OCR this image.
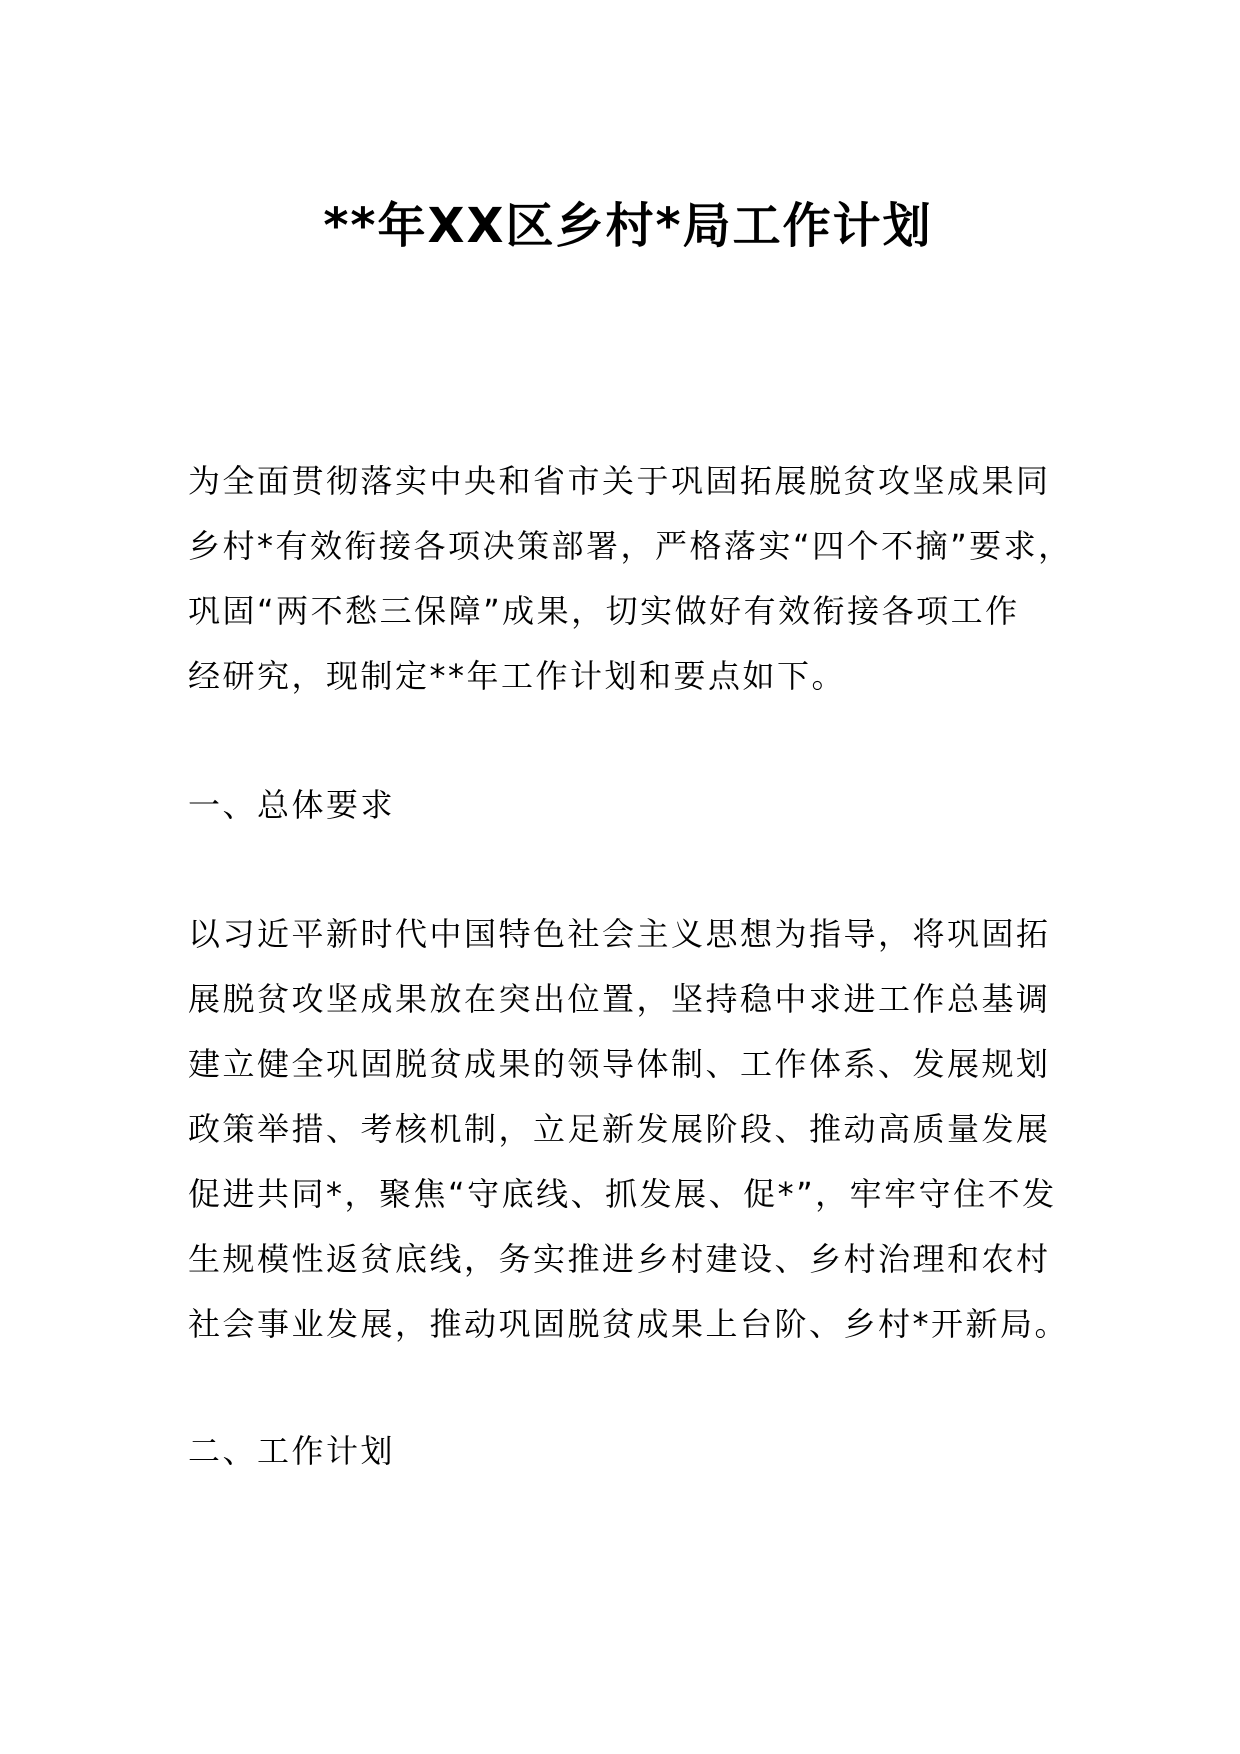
**年XX区乡村*局工作计划
为全面贯彻落实中央和省市关于巩固拓展脱贫攻坚成果同
乡村*有效衔接各项决策部署，严格落实“四个不摘”要求，
巩固“两不愁三保障”成果，切实做好有效衔接各项工作
经研究，现制定**年工作计划和要点如下。
一、总体要求
以习近平新时代中国特色社会主义思想为指导，将巩固拓
展脱贫攻坚成果放在突出位置，坚持稳中求进工作总基调
建立健全巩固脱贫成果的领导体制、工作体系、发展规划
政策举措、考核机制，立足新发展阶段、推动高质量发展
促进共同*，聚焦“守底线、抓发展、促*”，牢牢守住不发
生规模性返贫底线，务实推进乡村建设、乡村治理和农村
社会事业发展，推动巩固脱贫成果上台阶、乡村*开新局。
二、工作计划
